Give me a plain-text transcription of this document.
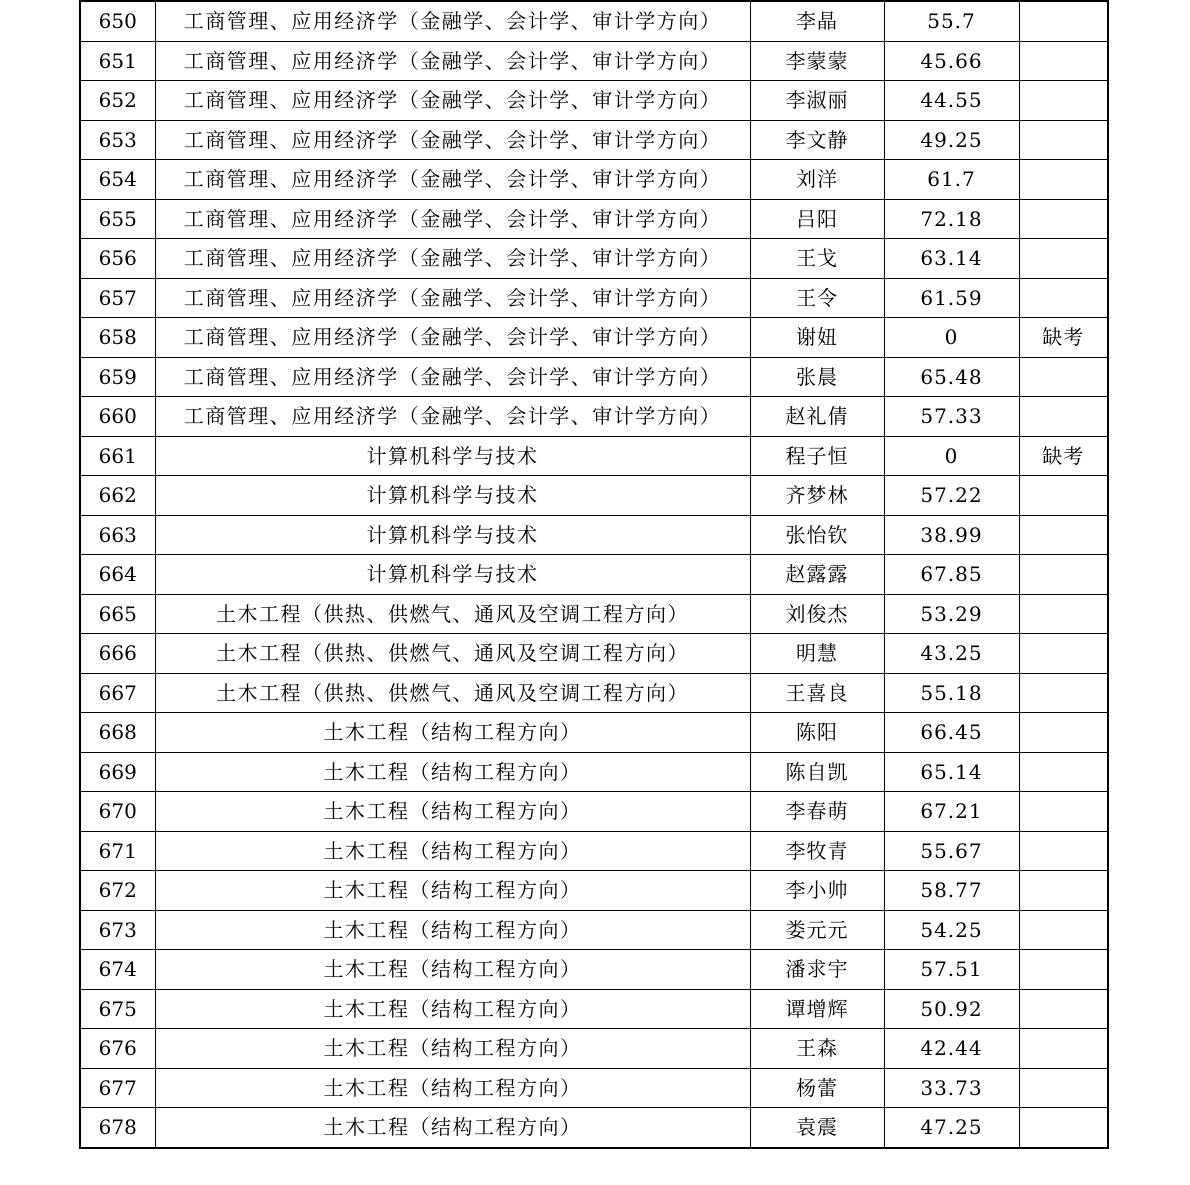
650	工商管理、应用经济学（金融学、会计学、审计学方向）	李晶	55.7	
651	工商管理、应用经济学（金融学、会计学、审计学方向）	李蒙蒙	45.66	
652	工商管理、应用经济学（金融学、会计学、审计学方向）	李淑丽	44.55	
653	工商管理、应用经济学（金融学、会计学、审计学方向）	李文静	49.25	
654	工商管理、应用经济学（金融学、会计学、审计学方向）	刘洋	61.7	
655	工商管理、应用经济学（金融学、会计学、审计学方向）	吕阳	72.18	
656	工商管理、应用经济学（金融学、会计学、审计学方向）	王戈	63.14	
657	工商管理、应用经济学（金融学、会计学、审计学方向）	王令	61.59	
658	工商管理、应用经济学（金融学、会计学、审计学方向）	谢妞	0	缺考
659	工商管理、应用经济学（金融学、会计学、审计学方向）	张晨	65.48	
660	工商管理、应用经济学（金融学、会计学、审计学方向）	赵礼倩	57.33	
661	计算机科学与技术	程子恒	0	缺考
662	计算机科学与技术	齐梦林	57.22	
663	计算机科学与技术	张怡钦	38.99	
664	计算机科学与技术	赵露露	67.85	
665	土木工程（供热、供燃气、通风及空调工程方向）	刘俊杰	53.29	
666	土木工程（供热、供燃气、通风及空调工程方向）	明慧	43.25	
667	土木工程（供热、供燃气、通风及空调工程方向）	王喜良	55.18	
668	土木工程（结构工程方向）	陈阳	66.45	
669	土木工程（结构工程方向）	陈自凯	65.14	
670	土木工程（结构工程方向）	李春萌	67.21	
671	土木工程（结构工程方向）	李牧青	55.67	
672	土木工程（结构工程方向）	李小帅	58.77	
673	土木工程（结构工程方向）	娄元元	54.25	
674	土木工程（结构工程方向）	潘求宇	57.51	
675	土木工程（结构工程方向）	谭增辉	50.92	
676	土木工程（结构工程方向）	王森	42.44	
677	土木工程（结构工程方向）	杨蕾	33.73	
678	土木工程（结构工程方向）	袁震	47.25	
